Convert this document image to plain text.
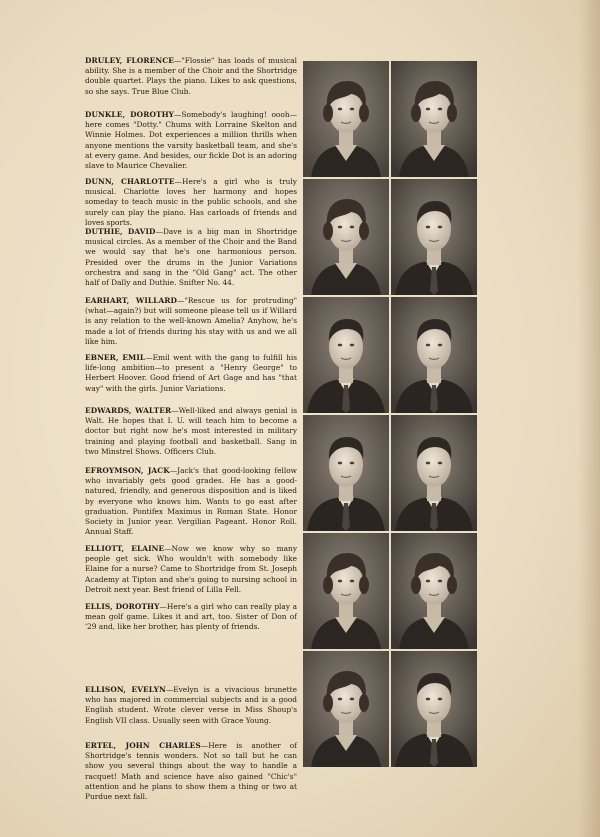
DRULEY, FLORENCE—"Flossie" has loads of musical ability. She is a member of the Choir and the Shortridge double quartet. Plays the piano. Likes to ask questions, so she says. True Blue Club.
DUNKLE, DOROTHY—Somebody's laughing! oooh—here comes "Dotty." Chums with Lorraine Skelton and Winnie Holmes. Dot experiences a million thrills when anyone mentions the varsity basketball team, and she's at every game. And besides, our fickle Dot is an adoring slave to Maurice Chevalier.
DUNN, CHARLOTTE—Here's a girl who is truly musical. Charlotte loves her harmony and hopes someday to teach music in the public schools, and she surely can play the piano. Has carloads of friends and loves sports.
DUTHIE, DAVID—Dave is a big man in Shortridge musical circles. As a member of the Choir and the Band we would say that he's one harmonious person. Presided over the drums in the Junior Variations orchestra and sang in the "Old Gang" act. The other half of Dally and Duthie. Snifter No. 44.
EARHART, WILLARD—"Rescue us for protruding" (what—again?) but will someone please tell us if Willard is any relation to the well-known Amelia? Anyhow, he's made a lot of friends during his stay with us and we all like him.
EBNER, EMIL—Emil went with the gang to fulfill his life-long ambition—to present a "Henry George" to Herbert Hoover. Good friend of Art Gage and has "that way" with the girls. Junior Variations.
EDWARDS, WALTER—Well-liked and always genial is Walt. He hopes that I. U. will teach him to become a doctor but right now he's most interested in military training and playing football and basketball. Sang in two Minstrel Shows. Officers Club.
EFROYMSON, JACK—Jack's that good-looking fellow who invariably gets good grades. He has a good-natured, friendly, and generous disposition and is liked by everyone who knows him. Wants to go east after graduation. Pontifex Maximus in Roman State. Honor Society in Junior year. Vergilian Pageant. Honor Roll. Annual Staff.
ELLIOTT, ELAINE—Now we know why so many people get sick. Who wouldn't with somebody like Elaine for a nurse? Came to Shortridge from St. Joseph Academy at Tipton and she's going to nursing school in Detroit next year. Best friend of Lilla Fell.
ELLIS, DOROTHY—Here's a girl who can really play a mean golf game. Likes it and art, too. Sister of Don of '29 and, like her brother, has plenty of friends.
ELLISON, EVELYN—Evelyn is a vivacious brunette who has majored in commercial subjects and is a good English student. Wrote clever verse in Miss Shoup's English VII class. Usually seen with Grace Young.
ERTEL, JOHN CHARLES—Here is another of Shortridge's tennis wonders. Not so tall but he can show you several things about the way to handle a racquet! Math and science have also gained "Chic's" attention and he plans to show them a thing or two at Purdue next fall.
